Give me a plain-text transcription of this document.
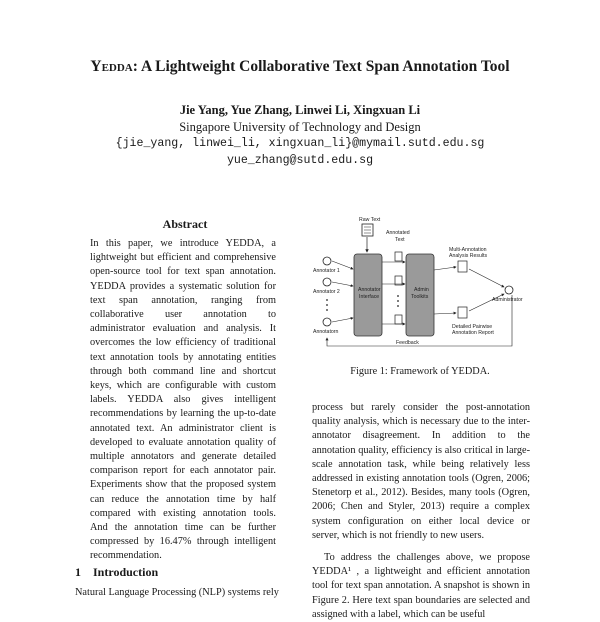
Yedda: A Lightweight Collaborative Text Span Annotation Tool
Jie Yang, Yue Zhang, Linwei Li, Xingxuan Li
Singapore University of Technology and Design
{jie_yang, linwei_li, xingxuan_li}@mymail.sutd.edu.sg
yue_zhang@sutd.edu.sg
Abstract

In this paper, we introduce YEDDA, a lightweight but efficient and comprehensive open-source tool for text span annotation. YEDDA provides a systematic solution for text span annotation, ranging from collaborative user annotation to administrator evaluation and analysis. It overcomes the low efficiency of traditional text annotation tools by annotating entities through both command line and shortcut keys, which are configurable with custom labels. YEDDA also gives intelligent recommendations by learning the up-to-date annotated text. An administrator client is developed to evaluate annotation quality of multiple annotators and generate detailed comparison report for each annotator pair. Experiments show that the proposed system can reduce the annotation time by half compared with existing annotation tools. And the annotation time can be further compressed by 16.47% through intelligent recommendation.

1 Introduction
Natural Language Processing (NLP) systems rely
Raw Text
Annotated
Text
Annotator
Interface
Admin
Toolkits
Annotator 1
Annotator 2
Annotatorn
Multi-Annotation
Analysis Results
Detailed Pairwise
Annotation Report
Administrator
Feedback
Figure 1: Framework of YEDDA.

process but rarely consider the post-annotation quality analysis, which is necessary due to the inter-annotator disagreement. In addition to the annotation quality, efficiency is also critical in large-scale annotation task, while being relatively less addressed in existing annotation tools (Ogren, 2006; Stenetorp et al., 2012). Besides, many tools (Ogren, 2006; Chen and Styler, 2013) require a complex system configuration on either local device or server, which is not friendly to new users.

To address the challenges above, we propose YEDDA¹ , a lightweight and efficient annotation tool for text span annotation. A snapshot is shown in Figure 2. Here text span boundaries are selected and assigned with a label, which can be useful
